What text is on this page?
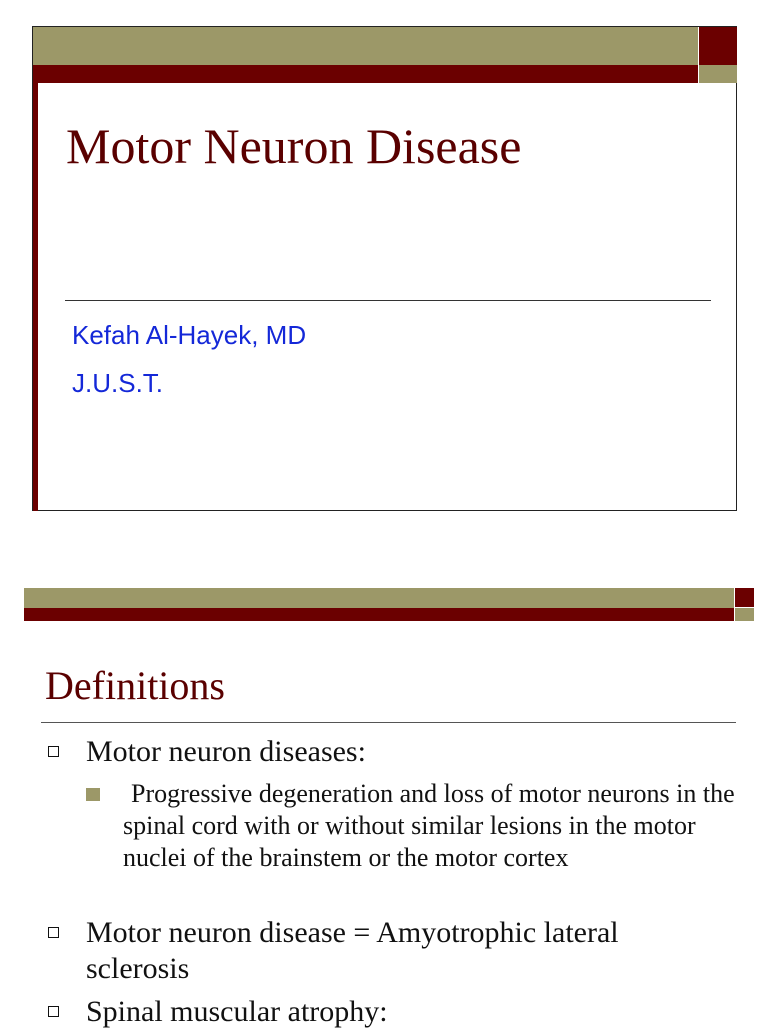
Motor Neuron Disease
Kefah Al-Hayek, MD
J.U.S.T.
Definitions
Motor neuron diseases:
Progressive degeneration and loss of motor neurons in the spinal cord with or without similar lesions in the motor nuclei of the brainstem or the motor cortex
Motor neuron disease = Amyotrophic lateral
sclerosis
Spinal muscular atrophy:
